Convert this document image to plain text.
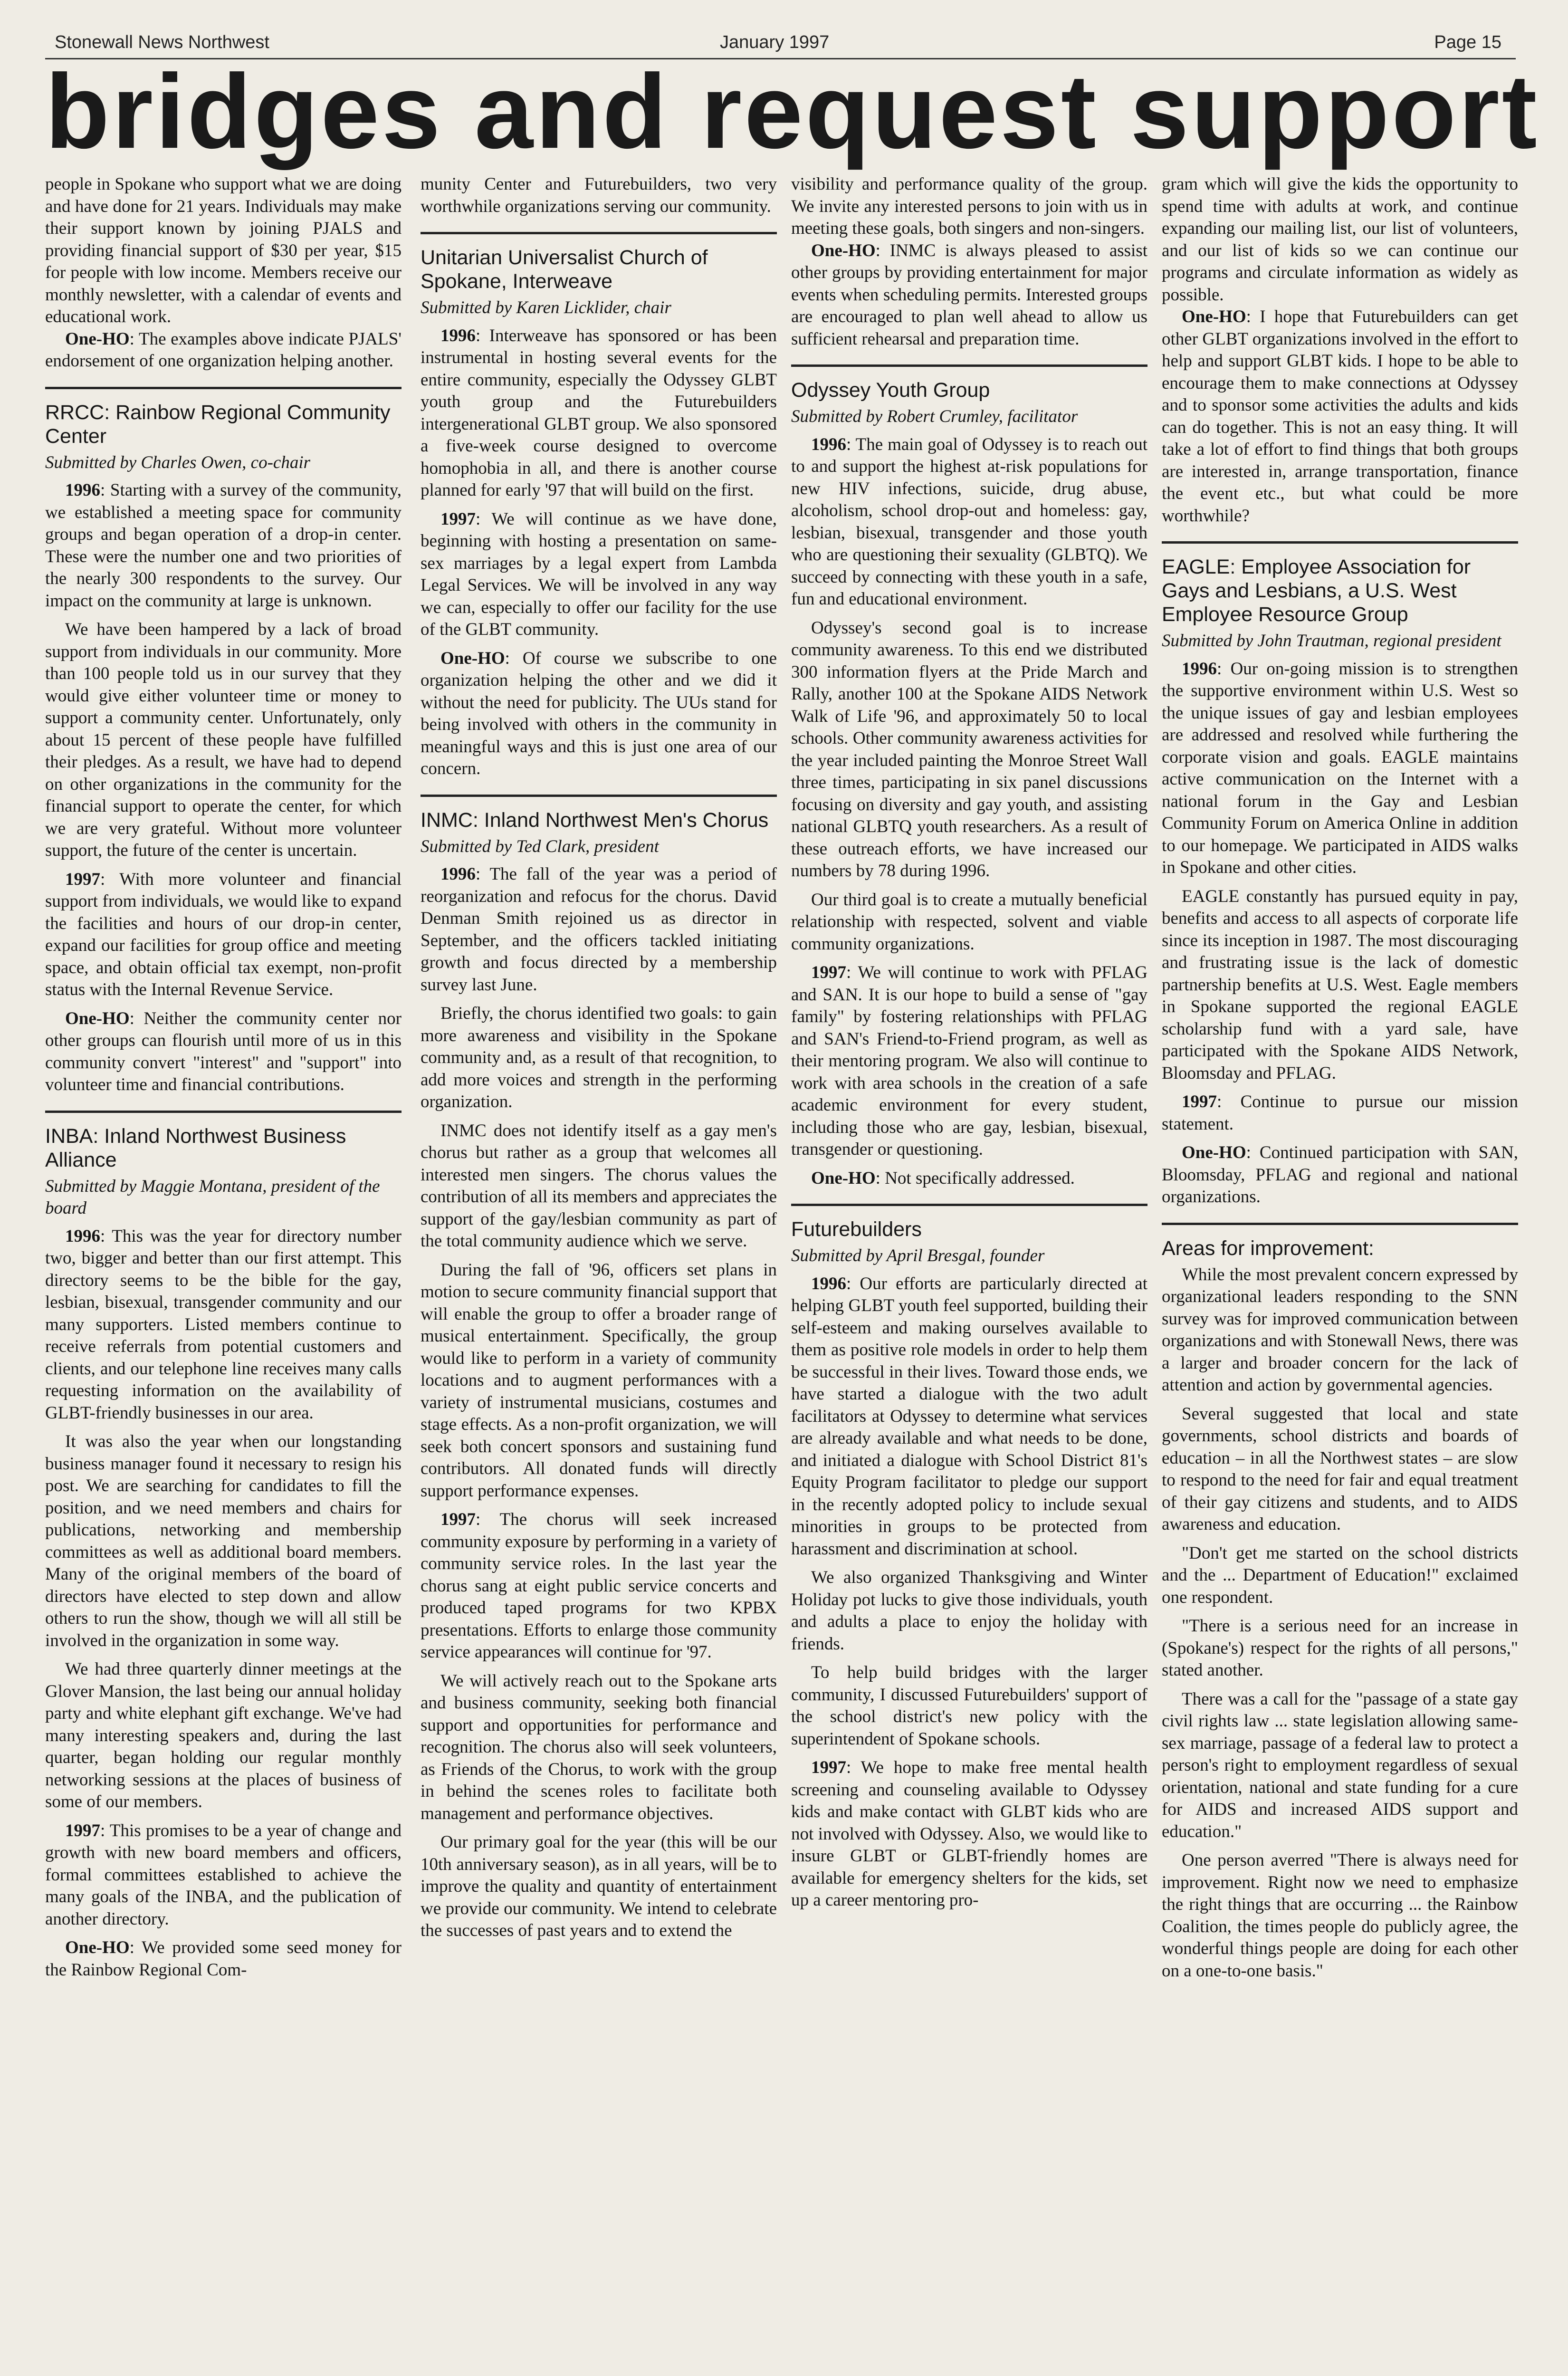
Stonewall News Northwest	January 1997	Page 15
bridges and request support

people in Spokane who support what we are doing and have done for 21 years. Individuals may make their support known by joining PJALS and providing financial support of $30 per year, $15 for people with low income. Members receive our monthly newsletter, with a calendar of events and educational work.

One-HO: The examples above indicate PJALS' endorsement of one organization helping another.

RRCC: Rainbow Regional Community Center

Submitted by Charles Owen, co-chair

1996: Starting with a survey of the community, we established a meeting space for community groups and began operation of a drop-in center. These were the number one and two priorities of the nearly 300 respondents to the survey. Our impact on the community at large is unknown.

We have been hampered by a lack of broad support from individuals in our community. More than 100 people told us in our survey that they would give either volunteer time or money to support a community center. Unfortunately, only about 15 percent of these people have fulfilled their pledges. As a result, we have had to depend on other organizations in the community for the financial support to operate the center, for which we are very grateful. Without more volunteer support, the future of the center is uncertain.

1997: With more volunteer and financial support from individuals, we would like to expand the facilities and hours of our drop-in center, expand our facilities for group office and meeting space, and obtain official tax exempt, non-profit status with the Internal Revenue Service.

One-HO: Neither the community center nor other groups can flourish until more of us in this community convert "interest" and "support" into volunteer time and financial contributions.

INBA: Inland Northwest Business Alliance

Submitted by Maggie Montana, president of the board

1996: This was the year for directory number two, bigger and better than our first attempt. This directory seems to be the bible for the gay, lesbian, bisexual, transgender community and our many supporters. Listed members continue to receive referrals from potential customers and clients, and our telephone line receives many calls requesting information on the availability of GLBT-friendly businesses in our area.

It was also the year when our longstanding business manager found it necessary to resign his post. We are searching for candidates to fill the position, and we need members and chairs for publications, networking and membership committees as well as additional board members. Many of the original members of the board of directors have elected to step down and allow others to run the show, though we will all still be involved in the organization in some way.

We had three quarterly dinner meetings at the Glover Mansion, the last being our annual holiday party and white elephant gift exchange. We've had many interesting speakers and, during the last quarter, began holding our regular monthly networking sessions at the places of business of some of our members.

1997: This promises to be a year of change and growth with new board members and officers, formal committees established to achieve the many goals of the INBA, and the publication of another directory.

One-HO: We provided some seed money for the Rainbow Regional Com-

munity Center and Futurebuilders, two very worthwhile organizations serving our community.

Unitarian Universalist Church of Spokane, Interweave

Submitted by Karen Licklider, chair

1996: Interweave has sponsored or has been instrumental in hosting several events for the entire community, especially the Odyssey GLBT youth group and the Futurebuilders intergenerational GLBT group. We also sponsored a five-week course designed to overcome homophobia in all, and there is another course planned for early '97 that will build on the first.

1997: We will continue as we have done, beginning with hosting a presentation on same-sex marriages by a legal expert from Lambda Legal Services. We will be involved in any way we can, especially to offer our facility for the use of the GLBT community.

One-HO: Of course we subscribe to one organization helping the other and we did it without the need for publicity. The UUs stand for being involved with others in the community in meaningful ways and this is just one area of our concern.

INMC: Inland Northwest Men's Chorus

Submitted by Ted Clark, president

1996: The fall of the year was a period of reorganization and refocus for the chorus. David Denman Smith rejoined us as director in September, and the officers tackled initiating growth and focus directed by a membership survey last June.

Briefly, the chorus identified two goals: to gain more awareness and visibility in the Spokane community and, as a result of that recognition, to add more voices and strength in the performing organization.

INMC does not identify itself as a gay men's chorus but rather as a group that welcomes all interested men singers. The chorus values the contribution of all its members and appreciates the support of the gay/lesbian community as part of the total community audience which we serve.

During the fall of '96, officers set plans in motion to secure community financial support that will enable the group to offer a broader range of musical entertainment. Specifically, the group would like to perform in a variety of community locations and to augment performances with a variety of instrumental musicians, costumes and stage effects. As a non-profit organization, we will seek both concert sponsors and sustaining fund contributors. All donated funds will directly support performance expenses.

1997: The chorus will seek increased community exposure by performing in a variety of community service roles. In the last year the chorus sang at eight public service concerts and produced taped programs for two KPBX presentations. Efforts to enlarge those community service appearances will continue for '97.

We will actively reach out to the Spokane arts and business community, seeking both financial support and opportunities for performance and recognition. The chorus also will seek volunteers, as Friends of the Chorus, to work with the group in behind the scenes roles to facilitate both management and performance objectives.

Our primary goal for the year (this will be our 10th anniversary season), as in all years, will be to improve the quality and quantity of entertainment we provide our community. We intend to celebrate the successes of past years and to extend the

visibility and performance quality of the group. We invite any interested persons to join with us in meeting these goals, both singers and non-singers.

One-HO: INMC is always pleased to assist other groups by providing entertainment for major events when scheduling permits. Interested groups are encouraged to plan well ahead to allow us sufficient rehearsal and preparation time.

Odyssey Youth Group

Submitted by Robert Crumley, facilitator

1996: The main goal of Odyssey is to reach out to and support the highest at-risk populations for new HIV infections, suicide, drug abuse, alcoholism, school drop-out and homeless: gay, lesbian, bisexual, transgender and those youth who are questioning their sexuality (GLBTQ). We succeed by connecting with these youth in a safe, fun and educational environment.

Odyssey's second goal is to increase community awareness. To this end we distributed 300 information flyers at the Pride March and Rally, another 100 at the Spokane AIDS Network Walk of Life '96, and approximately 50 to local schools. Other community awareness activities for the year included painting the Monroe Street Wall three times, participating in six panel discussions focusing on diversity and gay youth, and assisting national GLBTQ youth researchers. As a result of these outreach efforts, we have increased our numbers by 78 during 1996.

Our third goal is to create a mutually beneficial relationship with respected, solvent and viable community organizations.

1997: We will continue to work with PFLAG and SAN. It is our hope to build a sense of "gay family" by fostering relationships with PFLAG and SAN's Friend-to-Friend program, as well as their mentoring program. We also will continue to work with area schools in the creation of a safe academic environment for every student, including those who are gay, lesbian, bisexual, transgender or questioning.

One-HO: Not specifically addressed.

Futurebuilders

Submitted by April Bresgal, founder

1996: Our efforts are particularly directed at helping GLBT youth feel supported, building their self-esteem and making ourselves available to them as positive role models in order to help them be successful in their lives. Toward those ends, we have started a dialogue with the two adult facilitators at Odyssey to determine what services are already available and what needs to be done, and initiated a dialogue with School District 81's Equity Program facilitator to pledge our support in the recently adopted policy to include sexual minorities in groups to be protected from harassment and discrimination at school.

We also organized Thanksgiving and Winter Holiday pot lucks to give those individuals, youth and adults a place to enjoy the holiday with friends.

To help build bridges with the larger community, I discussed Futurebuilders' support of the school district's new policy with the superintendent of Spokane schools.

1997: We hope to make free mental health screening and counseling available to Odyssey kids and make contact with GLBT kids who are not involved with Odyssey. Also, we would like to insure GLBT or GLBT-friendly homes are available for emergency shelters for the kids, set up a career mentoring pro-

gram which will give the kids the opportunity to spend time with adults at work, and continue expanding our mailing list, our list of volunteers, and our list of kids so we can continue our programs and circulate information as widely as possible.

One-HO: I hope that Futurebuilders can get other GLBT organizations involved in the effort to help and support GLBT kids. I hope to be able to encourage them to make connections at Odyssey and to sponsor some activities the adults and kids can do together. This is not an easy thing. It will take a lot of effort to find things that both groups are interested in, arrange transportation, finance the event etc., but what could be more worthwhile?

EAGLE: Employee Association for Gays and Lesbians, a U.S. West Employee Resource Group

Submitted by John Trautman, regional president

1996: Our on-going mission is to strengthen the supportive environment within U.S. West so the unique issues of gay and lesbian employees are addressed and resolved while furthering the corporate vision and goals. EAGLE maintains active communication on the Internet with a national forum in the Gay and Lesbian Community Forum on America Online in addition to our homepage. We participated in AIDS walks in Spokane and other cities.

EAGLE constantly has pursued equity in pay, benefits and access to all aspects of corporate life since its inception in 1987. The most discouraging and frustrating issue is the lack of domestic partnership benefits at U.S. West. Eagle members in Spokane supported the regional EAGLE scholarship fund with a yard sale, have participated with the Spokane AIDS Network, Bloomsday and PFLAG.

1997: Continue to pursue our mission statement.

One-HO: Continued participation with SAN, Bloomsday, PFLAG and regional and national organizations.

Areas for improvement:

While the most prevalent concern expressed by organizational leaders responding to the SNN survey was for improved communication between organizations and with Stonewall News, there was a larger and broader concern for the lack of attention and action by governmental agencies.

Several suggested that local and state governments, school districts and boards of education – in all the Northwest states – are slow to respond to the need for fair and equal treatment of their gay citizens and students, and to AIDS awareness and education.

"Don't get me started on the school districts and the ... Department of Education!" exclaimed one respondent.

"There is a serious need for an increase in (Spokane's) respect for the rights of all persons," stated another.

There was a call for the "passage of a state gay civil rights law ... state legislation allowing same-sex marriage, passage of a federal law to protect a person's right to employment regardless of sexual orientation, national and state funding for a cure for AIDS and increased AIDS support and education."

One person averred "There is always need for improvement. Right now we need to emphasize the right things that are occurring ... the Rainbow Coalition, the times people do publicly agree, the wonderful things people are doing for each other on a one-to-one basis."
